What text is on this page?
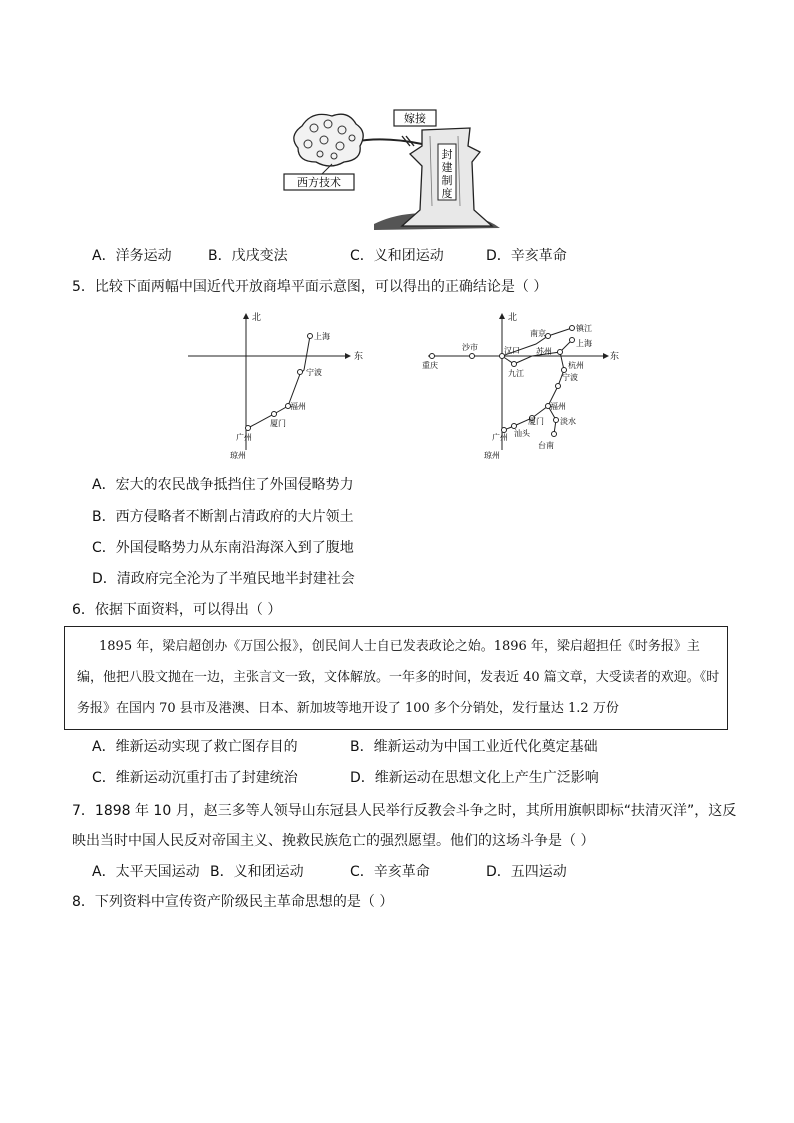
嫁接
封
建
制
度
西方技术
A．洋务运动	B．戊戌变法	C．义和团运动	D．辛亥革命
5．比较下面两幅中国近代开放商埠平面示意图，可以得出的正确结论是（ ）
北
东
上海
宁波
福州
厦门
广州
琼州
北
东
镇江
南京
上海
沙市	汉口 苏州
重庆
九江
杭州
宁波
福州
汕头
厦门 淡水
广州
台南
琼州
A．宏大的农民战争抵挡住了外国侵略势力
B．西方侵略者不断割占清政府的大片领土
C．外国侵略势力从东南沿海深入到了腹地
D．清政府完全沦为了半殖民地半封建社会
6．依据下面资料，可以得出（ ）
1895 年，梁启超创办《万国公报》，创民间人士自已发表政论之始。1896 年，梁启超担任《时务报》主
编，他把八股文抛在一边，主张言文一致，文体解放。一年多的时间，发表近 40 篇文章，大受读者的欢迎。《时
务报》在国内 70 县市及港澳、日本、新加坡等地开设了 100 多个分销处，发行量达 1.2 万份
A．维新运动实现了救亡图存目的	B．维新运动为中国工业近代化奠定基础
C．维新运动沉重打击了封建统治	D．维新运动在思想文化上产生广泛影响
7．1898 年 10 月，赵三多等人领导山东冠县人民举行反教会斗争之时，其所用旗帜即标“扶清灭洋”，这反
映出当时中国人民反对帝国主义、挽救民族危亡的强烈愿望。他们的这场斗争是（ ）
A．太平天国运动 B．义和团运动	C．辛亥革命	D．五四运动
8．下列资料中宣传资产阶级民主革命思想的是（ ）
